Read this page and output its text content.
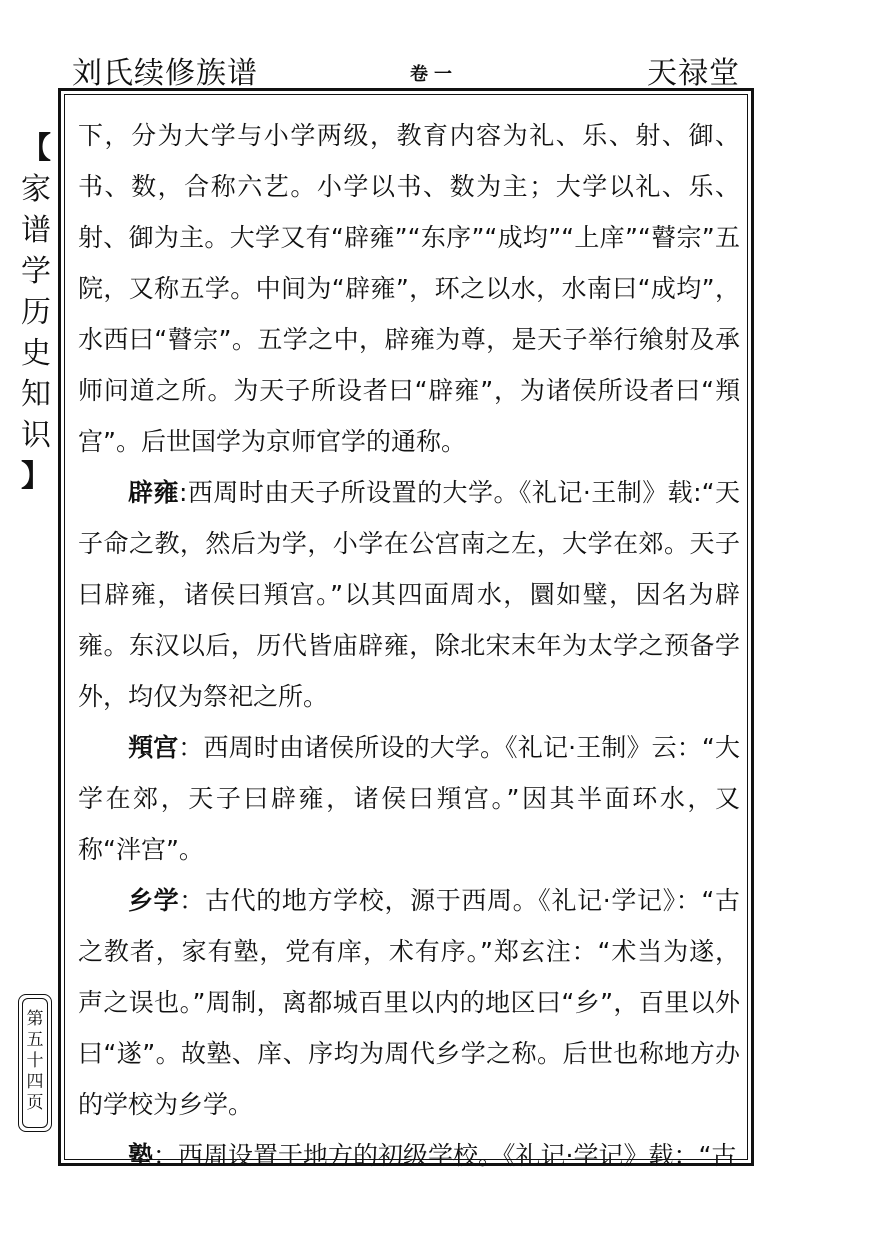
刘氏续修族谱	卷一	天禄堂
【
家
谱
学
历
史
知
识
】
第
五
十
四
页

下，分为大学与小学两级，教育内容为礼、乐、射、御、书、数，合称六艺。小学以书、数为主；大学以礼、乐、射、御为主。大学又有“辟雍”“东序”“成均”“上庠”“瞽宗”五院，又称五学。中间为“辟雍”，环之以水，水南曰“成均”，水西曰“瞽宗”。五学之中，辟雍为尊，是天子举行飨射及承师问道之所。为天子所设者曰“辟雍”，为诸侯所设者曰“頖宫”。后世国学为京师官学的通称。

辟雍:西周时由天子所设置的大学。《礼记·王制》载:“天子命之教，然后为学，小学在公宫南之左，大学在郊。天子曰辟雍，诸侯曰頖宫。”以其四面周水，圜如璧，因名为辟雍。东汉以后，历代皆庙辟雍，除北宋末年为太学之预备学外，均仅为祭祀之所。

頖宫：西周时由诸侯所设的大学。《礼记·王制》云：“大学在郊，天子曰辟雍，诸侯曰頖宫。”因其半面环水，又称“泮宫”。

乡学：古代的地方学校，源于西周。《礼记·学记》：“古之教者，家有塾，党有庠，术有序。”郑玄注：“术当为遂，声之误也。”周制，离都城百里以内的地区曰“乡”，百里以外曰“遂”。故塾、庠、序均为周代乡学之称。后世也称地方办的学校为乡学。

塾：西周设置于地方的初级学校。《礼记·学记》载：“古
